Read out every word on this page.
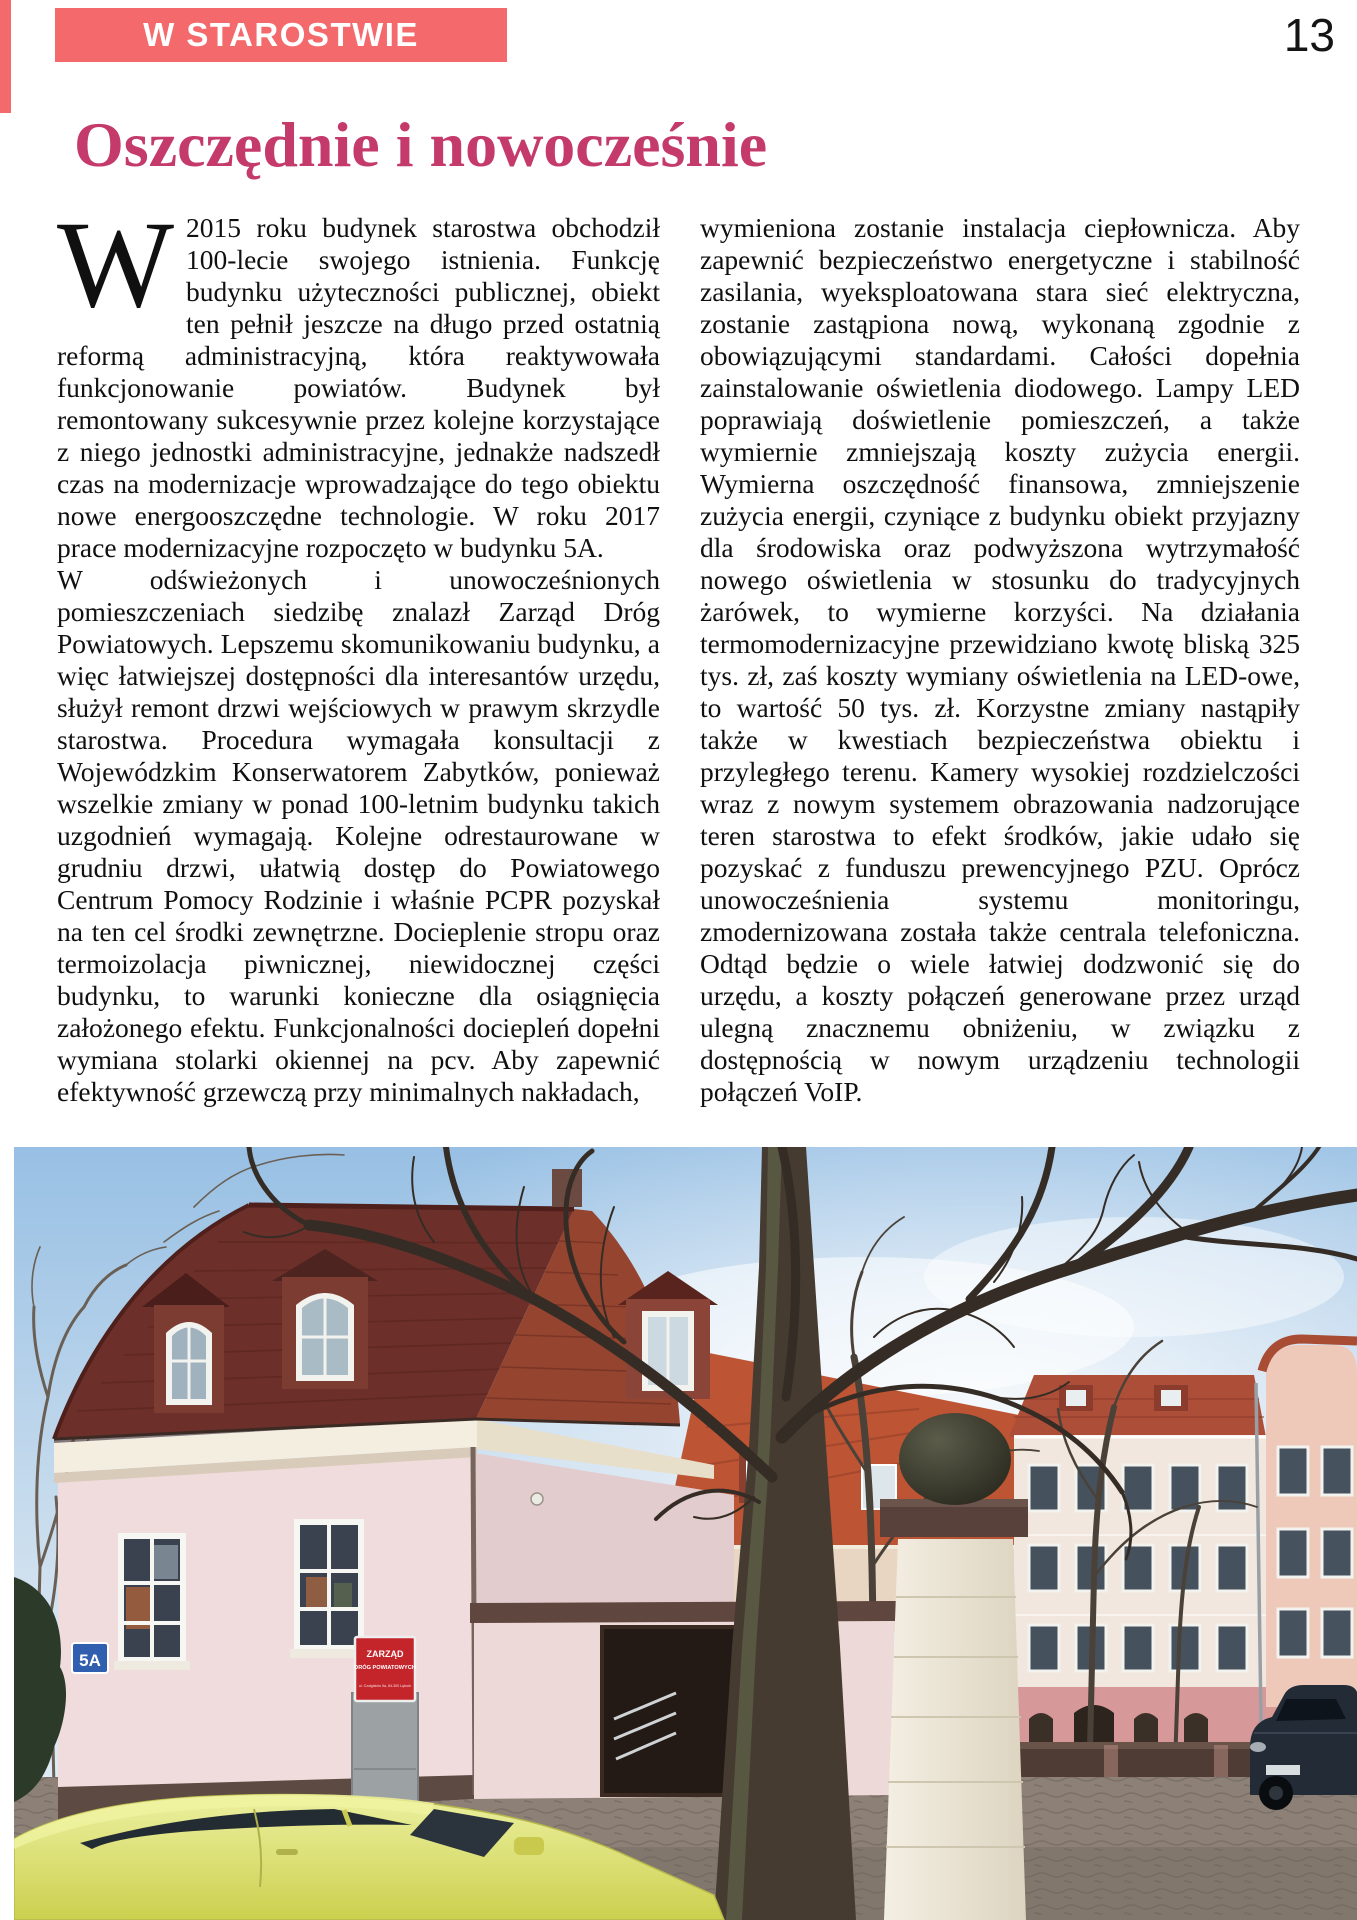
W STAROSTWIE	13
Oszczędnie i nowocześnie

W 2015 roku budynek starostwa obchodził 100-lecie swojego istnienia. Funkcję budynku użyteczności publicznej, obiekt ten pełnił jeszcze na długo przed ostatnią reformą administracyjną, która reaktywowała funkcjonowanie powiatów. Budynek był remontowany sukcesywnie przez kolejne korzystające z niego jednostki administracyjne, jednakże nadszedł czas na modernizacje wprowadzające do tego obiektu nowe energooszczędne technologie. W roku 2017 prace modernizacyjne rozpoczęto w budynku 5A.

W odświeżonych i unowocześnionych pomieszczeniach siedzibę znalazł Zarząd Dróg Powiatowych. Lepszemu skomunikowaniu budynku, a więc łatwiejszej dostępności dla interesantów urzędu, służył remont drzwi wejściowych w prawym skrzydle starostwa. Procedura wymagała konsultacji z Wojewódzkim Konserwatorem Zabytków, ponieważ wszelkie zmiany w ponad 100-letnim budynku takich uzgodnień wymagają. Kolejne odrestaurowane w grudniu drzwi, ułatwią dostęp do Powiatowego Centrum Pomocy Rodzinie i właśnie PCPR pozyskał na ten cel środki zewnętrzne. Docieplenie stropu oraz termoizolacja piwnicznej, niewidocznej części budynku, to warunki konieczne dla osiągnięcia założonego efektu. Funkcjonalności dociepleń dopełni wymiana stolarki okiennej na pcv. Aby zapewnić efektywność grzewczą przy minimalnych nakładach,

wymieniona zostanie instalacja ciepłownicza. Aby zapewnić bezpieczeństwo energetyczne i stabilność zasilania, wyeksploatowana stara sieć elektryczna, zostanie zastąpiona nową, wykonaną zgodnie z obowiązującymi standardami. Całości dopełnia zainstalowanie oświetlenia diodowego. Lampy LED poprawiają doświetlenie pomieszczeń, a także wymiernie zmniejszają koszty zużycia energii. Wymierna oszczędność finansowa, zmniejszenie zużycia energii, czyniące z budynku obiekt przyjazny dla środowiska oraz podwyższona wytrzymałość nowego oświetlenia w stosunku do tradycyjnych żarówek, to wymierne korzyści. Na działania termomodernizacyjne przewidziano kwotę bliską 325 tys. zł, zaś koszty wymiany oświetlenia na LED-owe, to wartość 50 tys. zł. Korzystne zmiany nastąpiły także w kwestiach bezpieczeństwa obiektu i przyległego terenu. Kamery wysokiej rozdzielczości wraz z nowym systemem obrazowania nadzorujące teren starostwa to efekt środków, jakie udało się pozyskać z funduszu prewencyjnego PZU. Oprócz unowocześnienia systemu monitoringu, zmodernizowana została także centrala telefoniczna. Odtąd będzie o wiele łatwiej dodzwonić się do urzędu, a koszty połączeń generowane przez urząd ulegną znacznemu obniżeniu, w związku z dostępnością w nowym urządzeniu technologii połączeń VoIP.

5A	ZARZĄD
DRÓG POWIATOWYCH
ul. Czołgistów 5a, 84-300 Lębork
